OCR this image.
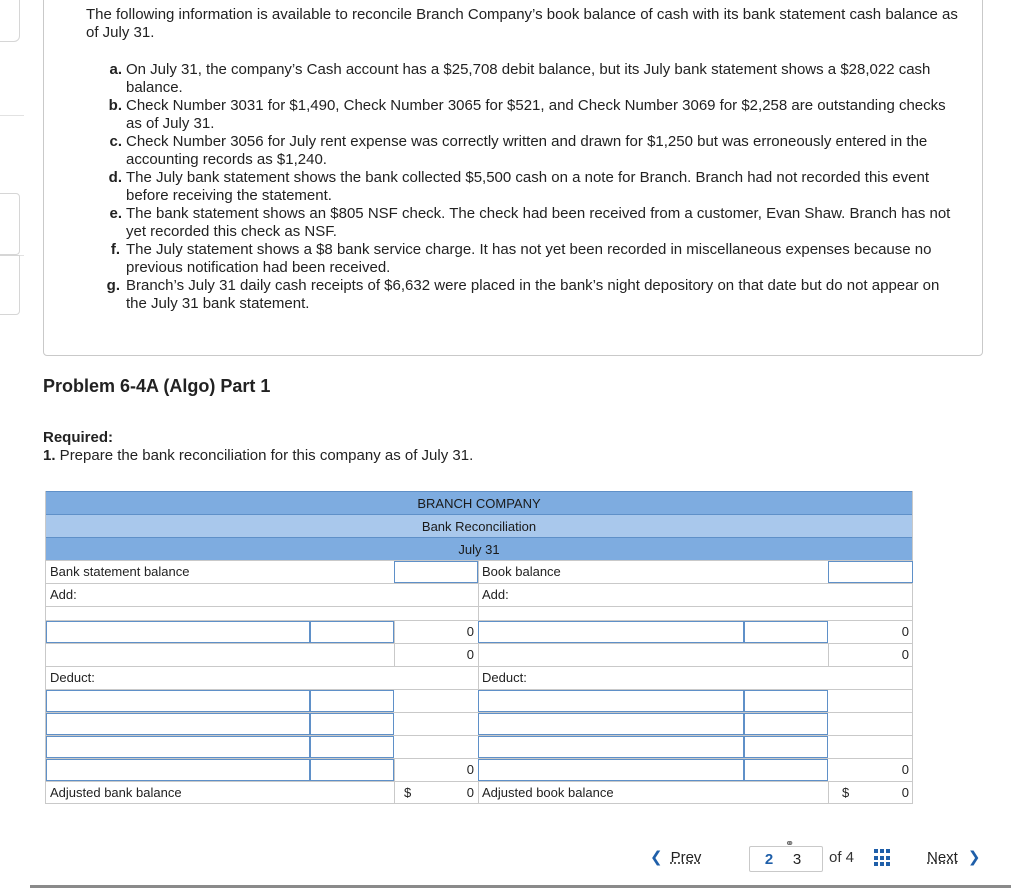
The following information is available to reconcile Branch Company’s book balance of cash with its bank statement cash balance as of July 31.
a. On July 31, the company’s Cash account has a $25,708 debit balance, but its July bank statement shows a $28,022 cash balance.
b. Check Number 3031 for $1,490, Check Number 3065 for $521, and Check Number 3069 for $2,258 are outstanding checks as of July 31.
c. Check Number 3056 for July rent expense was correctly written and drawn for $1,250 but was erroneously entered in the accounting records as $1,240.
d. The July bank statement shows the bank collected $5,500 cash on a note for Branch. Branch had not recorded this event before receiving the statement.
e. The bank statement shows an $805 NSF check. The check had been received from a customer, Evan Shaw. Branch has not yet recorded this check as NSF.
f. The July statement shows a $8 bank service charge. It has not yet been recorded in miscellaneous expenses because no previous notification had been received.
g. Branch’s July 31 daily cash receipts of $6,632 were placed in the bank’s night depository on that date but do not appear on the July 31 bank statement.
Problem 6-4A (Algo) Part 1
Required:
1. Prepare the bank reconciliation for this company as of July 31.
BRANCH COMPANY
Bank Reconciliation
July 31
Bank statement balance	Book balance
Add:	Add:
0	0
0	0
Deduct:	Deduct:
0	0
Adjusted bank balance	$	0 Adjusted book balance	$	0
❮ Prev
⚭
2	3	of 4	Next ❯
